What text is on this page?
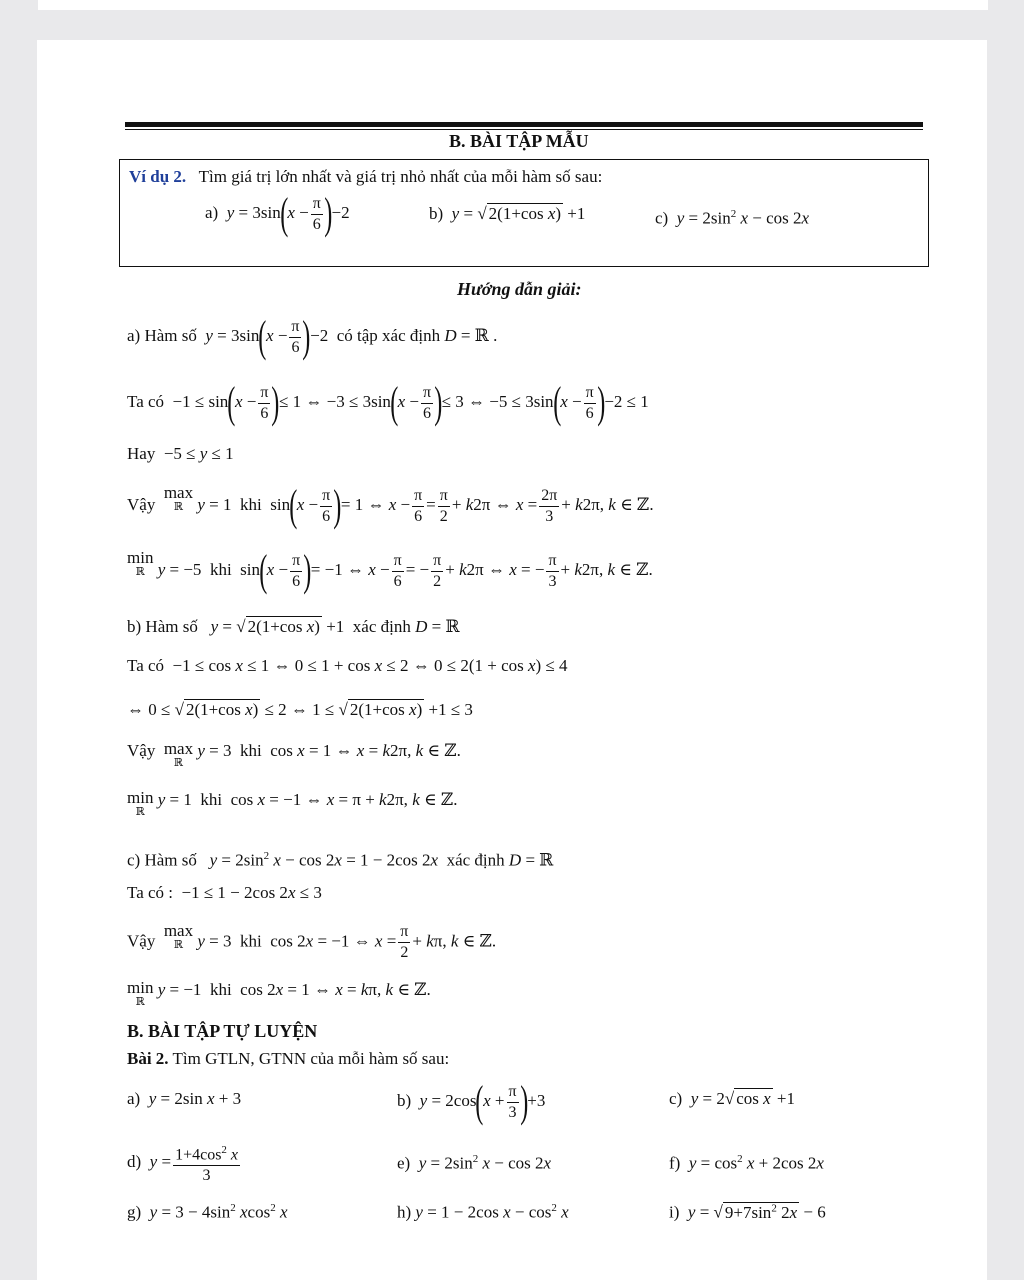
B. BÀI TẬP MẪU
Ví dụ 2. Tìm giá trị lớn nhất và giá trị nhỏ nhất của mỗi hàm số sau:
a) $y = 3\sin(x - \frac{\pi}{6} )-2$	b) y = √ 2(1+cos x) +1	c) $y = 2\sin^2$ x − cos 2x
Hướng dẫn giải:
a) Hàm số $y = 3\sin(x - \frac{\pi}{6} )-2$  có tập xác định D = ℝ .
Ta có  $-1 \le \sin(x - \frac{\pi}{6}$ )≤ 1 ⇔ $-3 \le 3\sin(x - \frac{\pi}{6}$ )≤ 3 ⇔ $-5 \le 3\sin(x - \frac{\pi}{6} )-2 \le 1$
Hay  −5 ≤ y ≤ 1
Vậy  max
ℝ y = 1  khi  $\sin(x - \frac{\pi}{6}$ )= 1 ⇔ $x - \frac{\pi}{6} = \frac{\pi}{2} + k2\pi$ ⇔ $x = \frac{2\pi}{3} + k2\pi$, k ∈ ℤ.
min
ℝ y = −5  khi  $\sin(x - \frac{\pi}{6}$ )= −1 ⇔ $x - \frac{\pi}{6}$ = − $\frac{\pi}{2} + k2\pi$ ⇔ x = − $\frac{\pi}{3} + k2\pi$, k ∈ ℤ.
b) Hàm số y = √ 2(1+cos x) +1  xác định D = ℝ
Ta có  −1 ≤ cos x ≤ 1 ⇔ 0 ≤ 1 + cos x ≤ 2 ⇔ 0 ≤ 2(1 + cos x) ≤ 4
⇔ 0 ≤ √ 2(1+cos x) ≤ 2 ⇔ 1 ≤ √ 2(1+cos x) +1 ≤ 3
Vậy max
ℝ
y = 3  khi  cos x = 1 ⇔ x = k2π, k ∈ ℤ.
min
ℝ
y = 1  khi  cos x = −1 ⇔ x = π + k2π, k ∈ ℤ.
c) Hàm số $y = 2\sin^2$ x − cos 2x = 1 − 2cos 2x xác định D = ℝ
Ta có :  −1 ≤ 1 − 2cos 2x ≤ 3
Vậy  max
ℝ y = 3  khi  cos 2x = −1 ⇔ $x = \frac{\pi}{2} + k\pi$, k ∈ ℤ.
min
ℝ
y = −1  khi  cos 2x = 1 ⇔ x = kπ, k ∈ ℤ.
B. BÀI TẬP TỰ LUYỆN
Bài 2. Tìm GTLN, GTNN của mỗi hàm số sau:
a) y = 2sin x + 3	b) $y = 2\cos(x + \frac{\pi}{3} )+3$	c) y = 2√ cos x +1
d) $y = \frac{1+4\cos^2 x}{3}$	e) $y = 2\sin^2$ x − cos 2x	f) $y = \cos^2 x + 2\cos$ 2x
g) $y = 3 - 4\sin^2$ xcos$^2$ x	h) y = 1 − 2cos $x - \cos^2 x$	i) y = √ $9+7\sin^2$ 2x − 6
